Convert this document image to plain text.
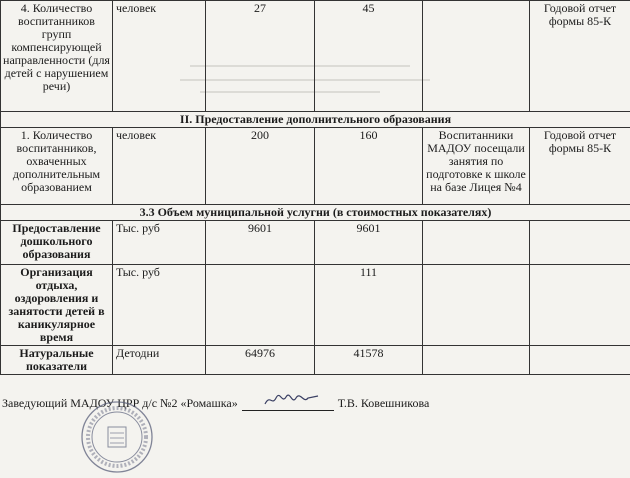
4. Количество воспитанников групп компенсирующей направленности (для детей с нарушением речи)	человек	27	45		Годовой отчет формы 85-К
II. Предоставление дополнительного образования					
1. Количество воспитанников, охваченных дополнительным образованием	человек	200	160	Воспитанники МАДОУ посещали занятия по подготовке к школе на базе Лицея №4	Годовой отчет формы 85-К
3.3 Объем муниципальной услугни (в стоимостных показателях)					
Предоставление дошкольного образования	Тыс. руб	9601	9601		
Организация отдыха, оздоровления и занятости детей в каникулярное время	Тыс. руб		111		
Натуральные показатели	Детодни	64976	41578		
Заведующий МАДОУ ЦРР д/с №2 «Ромашка»	Т.В. Ковешникова
